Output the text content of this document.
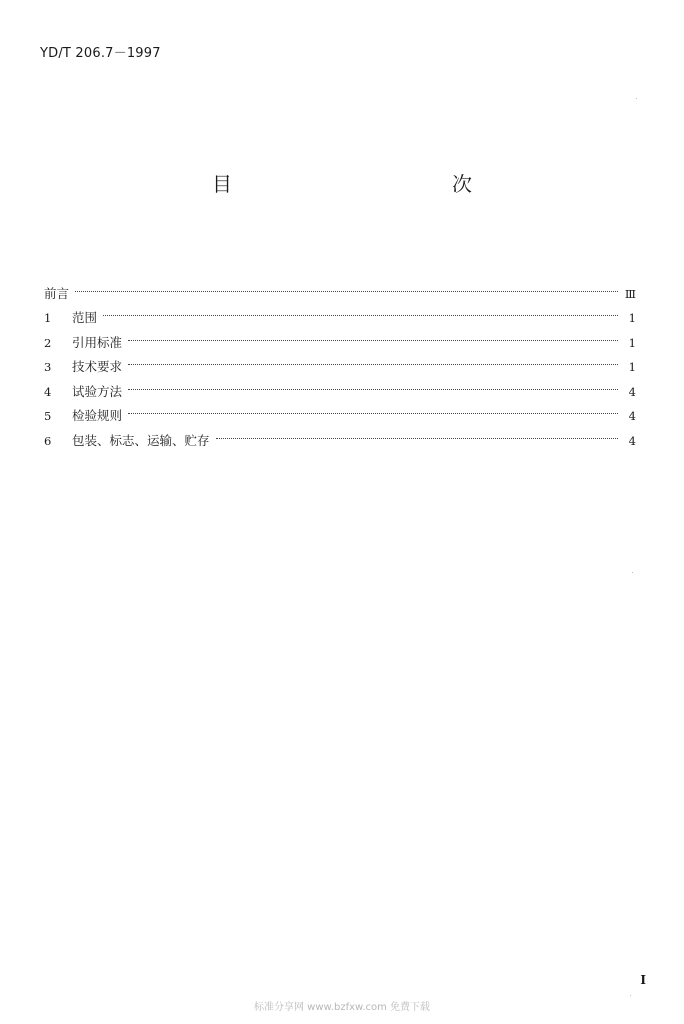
YD/T 206.7－1997
目　　次
前言	Ⅲ
1	范围	1
2	引用标准	1
3	技术要求	1
4	试验方法	4
5	检验规则	4
6	包装、标志、运输、贮存	4
Ⅰ
标准分享网 www.bzfxw.com 免费下载
